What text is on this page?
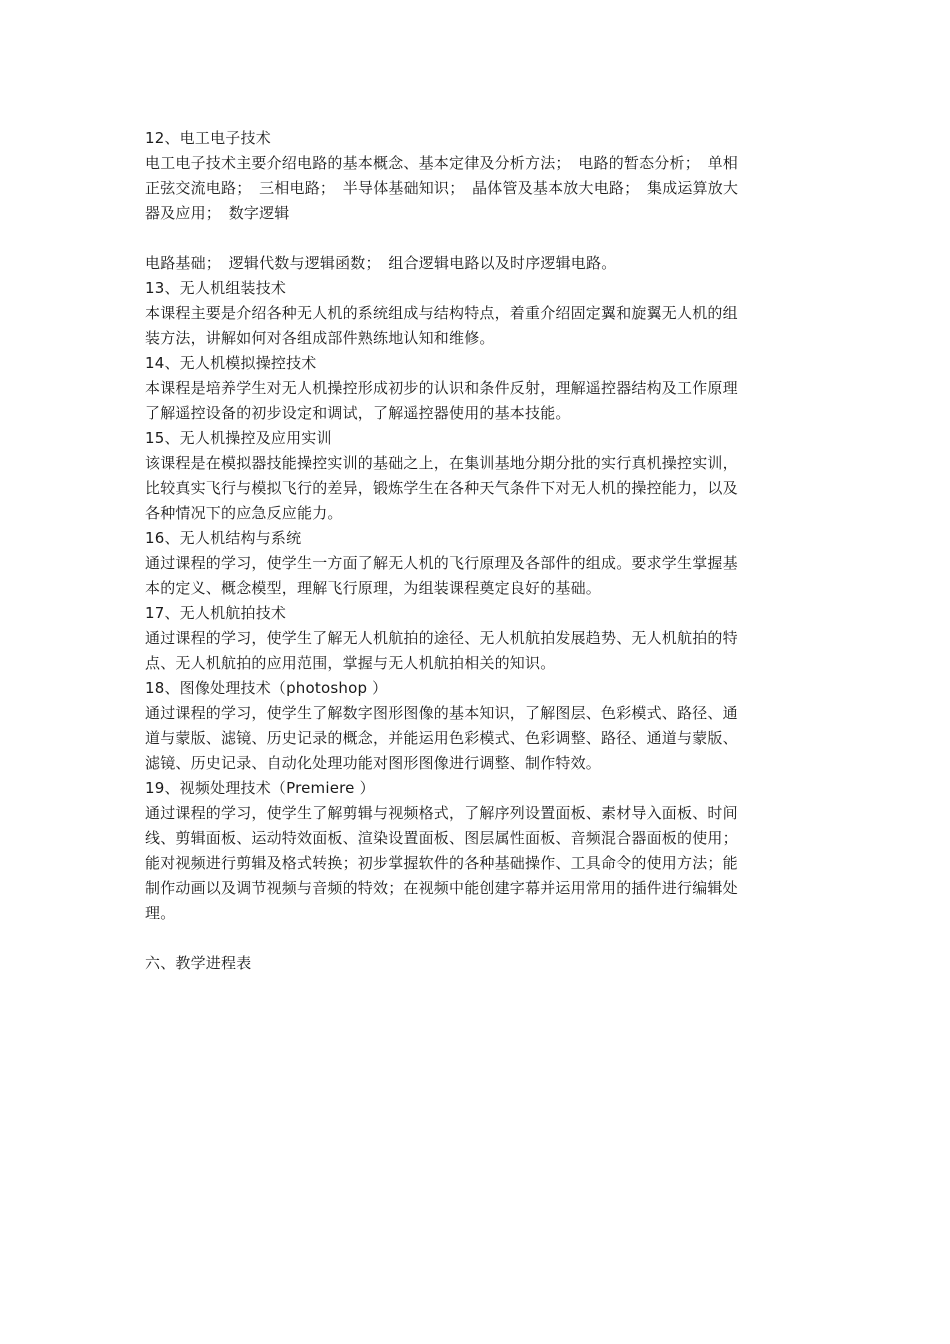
12、电工电子技术

电工电子技术主要介绍电路的基本概念、基本定律及分析方法；　电路的暂态分析；　单相

正弦交流电路；　三相电路；　半导体基础知识；　晶体管及基本放大电路；　集成运算放大

器及应用；　数字逻辑

电路基础；　逻辑代数与逻辑函数；　组合逻辑电路以及时序逻辑电路。

13、无人机组装技术

本课程主要是介绍各种无人机的系统组成与结构特点，着重介绍固定翼和旋翼无人机的组

装方法，讲解如何对各组成部件熟练地认知和维修。

14、无人机模拟操控技术

本课程是培养学生对无人机操控形成初步的认识和条件反射，理解遥控器结构及工作原理

了解遥控设备的初步设定和调试，了解遥控器使用的基本技能。

15、无人机操控及应用实训

该课程是在模拟器技能操控实训的基础之上，在集训基地分期分批的实行真机操控实训，

比较真实飞行与模拟飞行的差异，锻炼学生在各种天气条件下对无人机的操控能力，以及

各种情况下的应急反应能力。

16、无人机结构与系统

通过课程的学习，使学生一方面了解无人机的飞行原理及各部件的组成。要求学生掌握基

本的定义、概念模型，理解飞行原理，为组装课程奠定良好的基础。

17、无人机航拍技术

通过课程的学习，使学生了解无人机航拍的途径、无人机航拍发展趋势、无人机航拍的特

点、无人机航拍的应用范围，掌握与无人机航拍相关的知识。

18、图像处理技术（photoshop ）

通过课程的学习，使学生了解数字图形图像的基本知识，了解图层、色彩模式、路径、通

道与蒙版、滤镜、历史记录的概念，并能运用色彩模式、色彩调整、路径、通道与蒙版、

滤镜、历史记录、自动化处理功能对图形图像进行调整、制作特效。

19、视频处理技术（Premiere ）

通过课程的学习，使学生了解剪辑与视频格式，了解序列设置面板、素材导入面板、时间

线、剪辑面板、运动特效面板、渲染设置面板、图层属性面板、音频混合器面板的使用；

能对视频进行剪辑及格式转换；初步掌握软件的各种基础操作、工具命令的使用方法；能

制作动画以及调节视频与音频的特效；在视频中能创建字幕并运用常用的插件进行编辑处

理。

六、教学进程表
